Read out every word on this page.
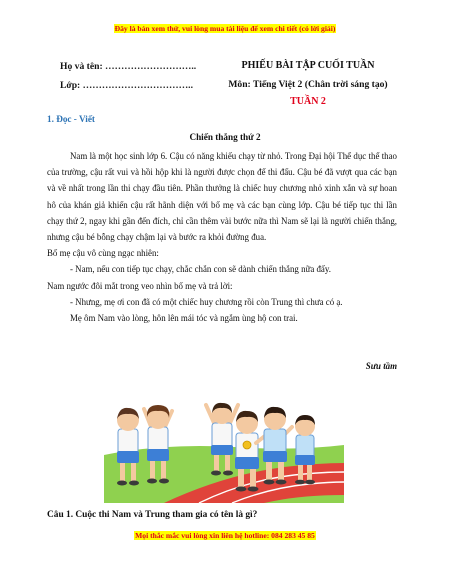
Đây là bản xem thử, vui lòng mua tài liệu để xem chi tiết (có lời giải)
Họ và tên: ………………………..
Lớp: ……………………………..
PHIẾU BÀI TẬP CUỐI TUẦN
Môn: Tiếng Việt 2 (Chân trời sáng tạo)
TUẦN 2
1. Đọc - Viết
Chiến thắng thứ 2

Nam là một học sinh lớp 6. Cậu có năng khiếu chạy từ nhỏ. Trong Đại hội Thể dục thể thao của trường, cậu rất vui và hồi hộp khi là người được chọn để thi đấu. Cậu bé đã vượt qua các bạn và về nhất trong lần thi chạy đầu tiên. Phần thưởng là chiếc huy chương nhỏ xinh xắn và sự hoan hô của khán giả khiến cậu rất hãnh diện với bố mẹ và các bạn cùng lớp. Cậu bé tiếp tục thi lần chạy thứ 2, ngay khi gần đến đích, chỉ cần thêm vài bước nữa thì Nam sẽ lại là người chiến thắng, nhưng cậu bé bỗng chạy chậm lại và bước ra khỏi đường đua.

Bố mẹ cậu vô cùng ngạc nhiên:

- Nam, nếu con tiếp tục chạy, chắc chắn con sẽ dành chiến thắng nữa đấy.

Nam ngước đôi mắt trong veo nhìn bố mẹ và trả lời:

- Nhưng, mẹ ơi con đã có một chiếc huy chương rồi còn Trung thì chưa có ạ.

Mẹ ôm Nam vào lòng, hôn lên mái tóc và ngắm ùng hộ con trai.

Sưu tầm
Câu 1. Cuộc thi Nam và Trung tham gia có tên là gì?
Mọi thắc mắc vui lòng xin liên hệ hotline: 084 283 45 85
